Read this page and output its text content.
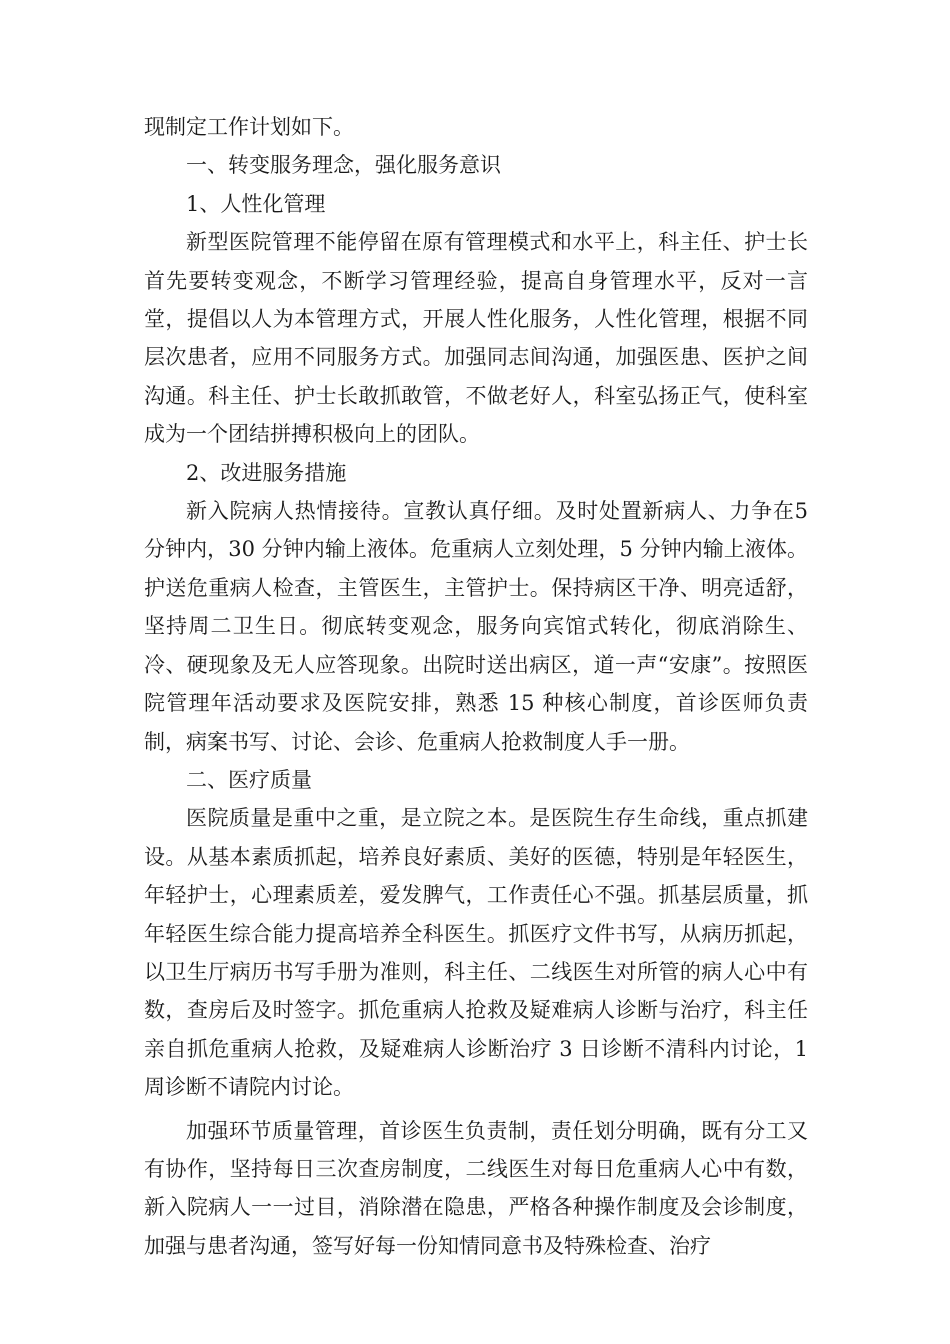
现制定工作计划如下。

一、转变服务理念，强化服务意识

1、人性化管理

新型医院管理不能停留在原有管理模式和水平上，科主任、护士长首先要转变观念，不断学习管理经验，提高自身管理水平，反对一言堂，提倡以人为本管理方式，开展人性化服务，人性化管理，根据不同层次患者，应用不同服务方式。加强同志间沟通，加强医患、医护之间沟通。科主任、护士长敢抓敢管，不做老好人，科室弘扬正气，使科室成为一个团结拼搏积极向上的团队。

2、改进服务措施

新入院病人热情接待。宣教认真仔细。及时处置新病人、力争在5分钟内，30 分钟内输上液体。危重病人立刻处理，5 分钟内输上液体。护送危重病人检查，主管医生，主管护士。保持病区干净、明亮适舒，坚持周二卫生日。彻底转变观念，服务向宾馆式转化，彻底消除生、冷、硬现象及无人应答现象。出院时送出病区，道一声“安康”。按照医院管理年活动要求及医院安排，熟悉 15 种核心制度，首诊医师负责制，病案书写、讨论、会诊、危重病人抢救制度人手一册。

二、医疗质量

医院质量是重中之重，是立院之本。是医院生存生命线，重点抓建设。从基本素质抓起，培养良好素质、美好的医德，特别是年轻医生，年轻护士，心理素质差，爱发脾气，工作责任心不强。抓基层质量，抓年轻医生综合能力提高培养全科医生。抓医疗文件书写，从病历抓起，以卫生厅病历书写手册为准则，科主任、二线医生对所管的病人心中有数，查房后及时签字。抓危重病人抢救及疑难病人诊断与治疗，科主任亲自抓危重病人抢救，及疑难病人诊断治疗 3 日诊断不清科内讨论，1 周诊断不请院内讨论。

加强环节质量管理，首诊医生负责制，责任划分明确，既有分工又有协作，坚持每日三次查房制度，二线医生对每日危重病人心中有数，新入院病人一一过目，消除潜在隐患，严格各种操作制度及会诊制度，加强与患者沟通，签写好每一份知情同意书及特殊检查、治疗
